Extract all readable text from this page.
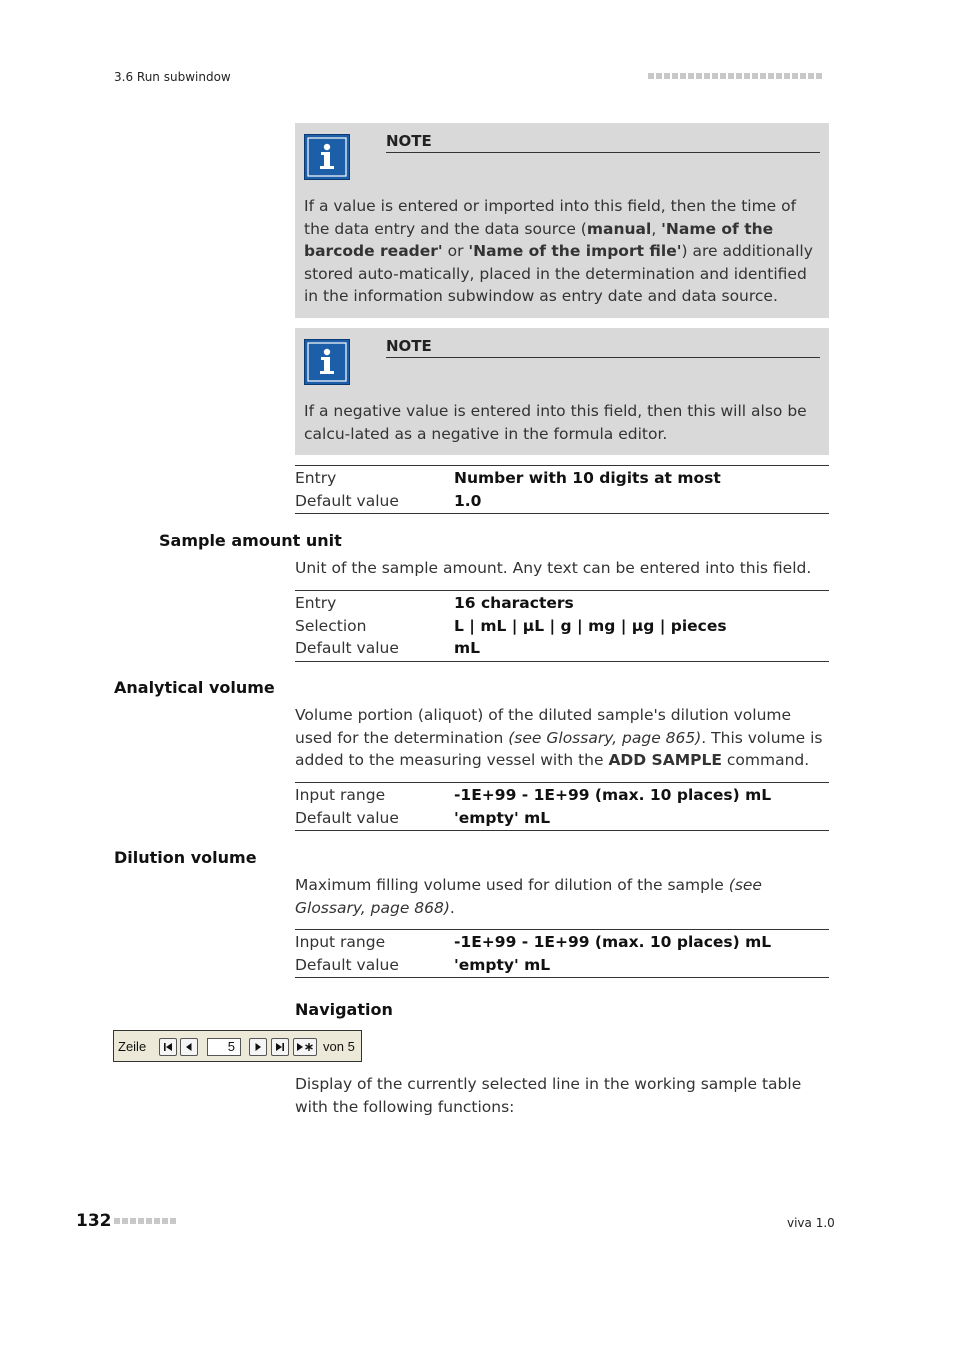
3.6 Run subwindow
NOTE
If a value is entered or imported into this field, then the time of the data entry and the data source (manual, 'Name of the barcode reader' or 'Name of the import file') are additionally stored auto-matically, placed in the determination and identified in the information subwindow as entry date and data source.
NOTE
If a negative value is entered into this field, then this will also be calcu-lated as a negative in the formula editor.
Entry	Number with 10 digits at most
Default value	1.0
Sample amount unit
Unit of the sample amount. Any text can be entered into this field.
Entry	16 characters
Selection	L | mL | µL | g | mg | µg | pieces
Default value	mL
Analytical volume
Volume portion (aliquot) of the diluted sample's dilution volume used for the determination (see Glossary, page 865). This volume is added to the measuring vessel with the ADD SAMPLE command.
Input range	-1E+99 - 1E+99 (max. 10 places) mL
Default value	'empty' mL
Dilution volume
Maximum filling volume used for dilution of the sample (see Glossary, page 868).
Input range	-1E+99 - 1E+99 (max. 10 places) mL
Default value	'empty' mL
Navigation
Zeile	5	von 5
Display of the currently selected line in the working sample table with the following functions:
132	viva 1.0
